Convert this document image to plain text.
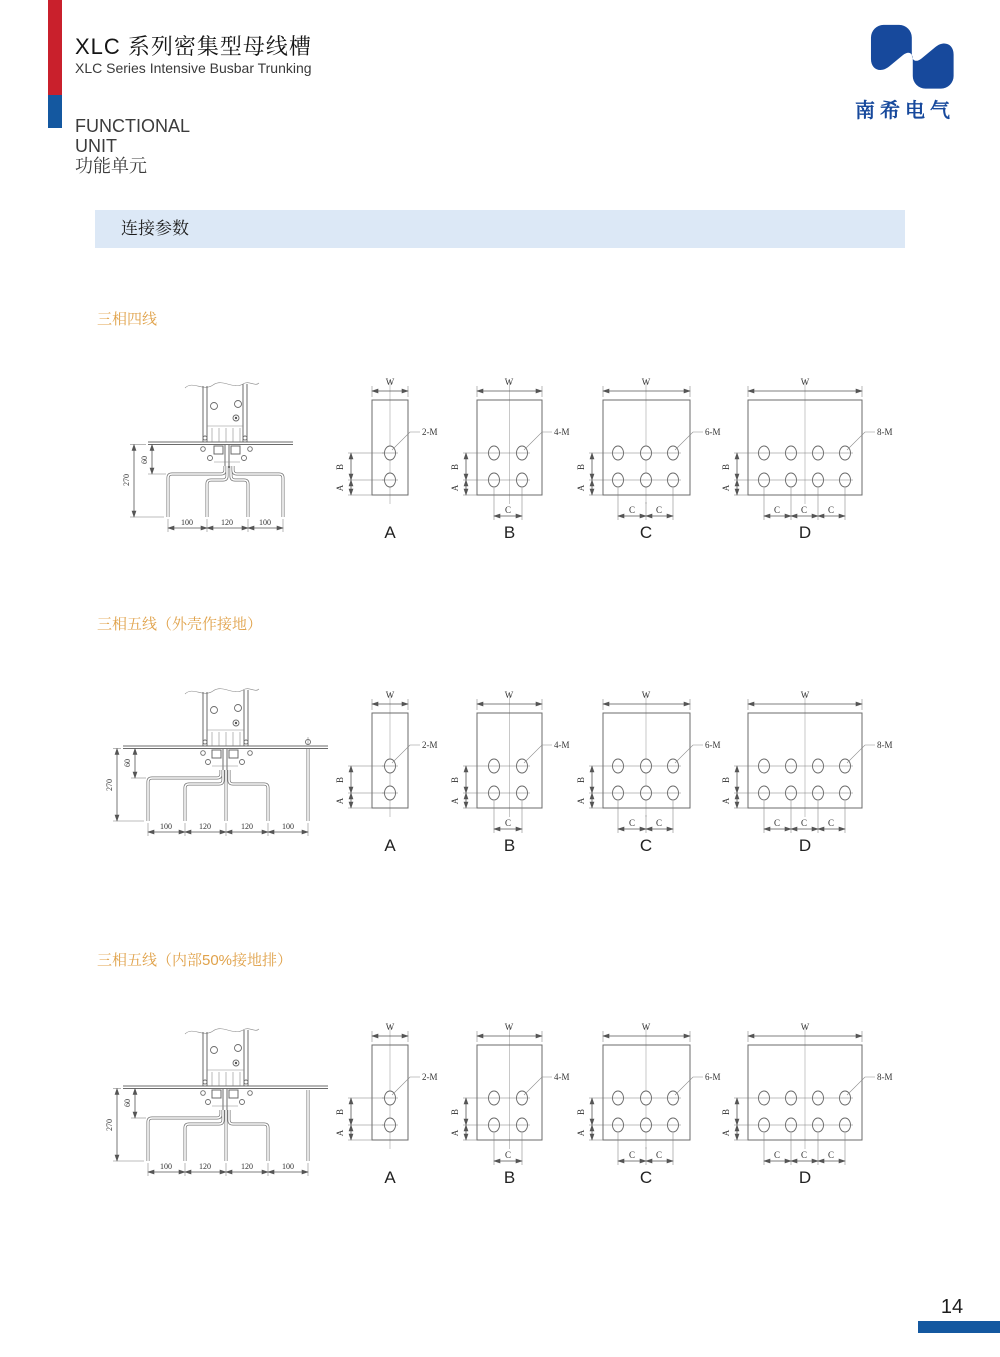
XLC 系列密集型母线槽
XLC Series Intensive Busbar Trunking
南希电气
FUNCTIONAL
UNIT
功能单元
连接参数
三相四线
100	120	100
60
270
W
2-M
B
A
A
W
4-M
B
A
C
B
W
6-M
B
A
C C
C
W
8-M
B
A
C C C
D
三相五线（外壳作接地）
100	120	120	100
60
270
W
2-M
B
A
A
W
4-M
B
A
C
B
W
6-M
B
A
C C
C
W
8-M
B
A
C C C
D
三相五线（内部50%接地排）
100	120	120	100
60
270
W
2-M
B
A
A
W
4-M
B
A
C
B
W
6-M
B
A
C C
C
W
8-M
B
A
C C C
D
14
